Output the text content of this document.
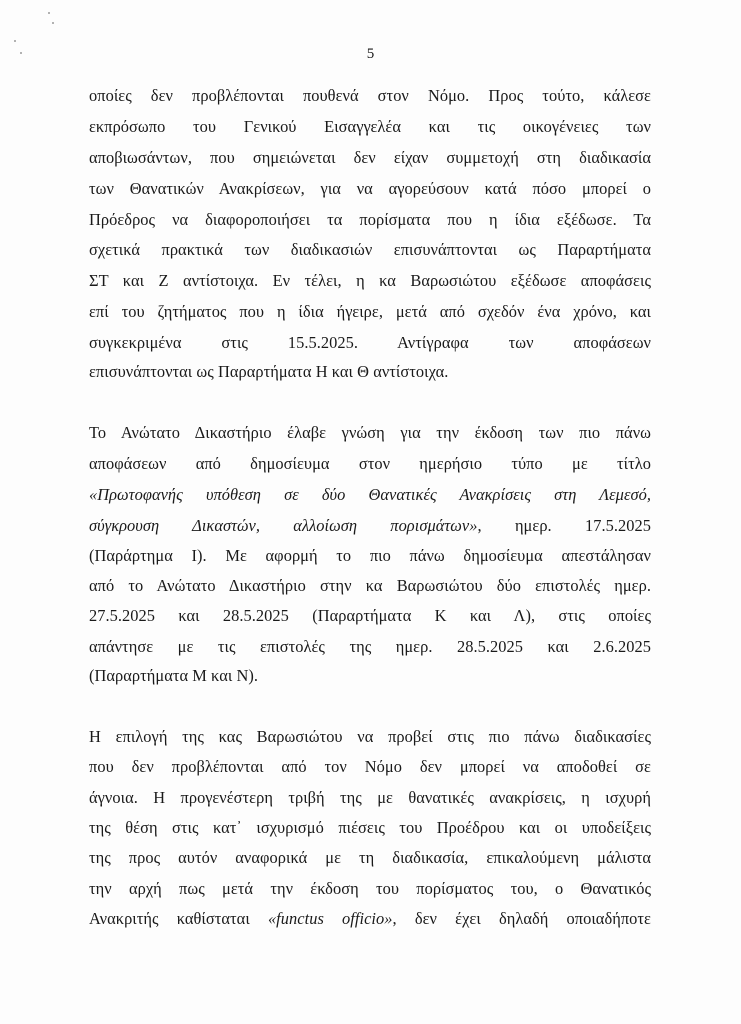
5
οποίες δεν προβλέπονται πουθενά στον Νόμο. Προς τούτο, κάλεσε
εκπρόσωπο του Γενικού Εισαγγελέα και τις οικογένειες των
αποβιωσάντων, που σημειώνεται δεν είχαν συμμετοχή στη διαδικασία
των Θανατικών Ανακρίσεων, για να αγορεύσουν κατά πόσο μπορεί ο
Πρόεδρος να διαφοροποιήσει τα πορίσματα που η ίδια εξέδωσε. Τα
σχετικά πρακτικά των διαδικασιών επισυνάπτονται ως Παραρτήματα
ΣΤ και Ζ αντίστοιχα. Εν τέλει, η κα Βαρωσιώτου εξέδωσε αποφάσεις
επί του ζητήματος που η ίδια ήγειρε, μετά από σχεδόν ένα χρόνο, και
συγκεκριμένα στις 15.5.2025. Αντίγραφα των αποφάσεων
επισυνάπτονται ως Παραρτήματα Η και Θ αντίστοιχα.
Το Ανώτατο Δικαστήριο έλαβε γνώση για την έκδοση των πιο πάνω
αποφάσεων από δημοσίευμα στον ημερήσιο τύπο με τίτλο
«Πρωτοφανής υπόθεση σε δύο Θανατικές Ανακρίσεις στη Λεμεσό,
σύγκρουση Δικαστών, αλλοίωση πορισμάτων», ημερ. 17.5.2025
(Παράρτημα Ι). Με αφορμή το πιο πάνω δημοσίευμα απεστάλησαν
από το Ανώτατο Δικαστήριο στην κα Βαρωσιώτου δύο επιστολές ημερ.
27.5.2025 και 28.5.2025 (Παραρτήματα Κ και Λ), στις οποίες
απάντησε με τις επιστολές της ημερ. 28.5.2025 και 2.6.2025
(Παραρτήματα Μ και Ν).
Η επιλογή της κας Βαρωσιώτου να προβεί στις πιο πάνω διαδικασίες
που δεν προβλέπονται από τον Νόμο δεν μπορεί να αποδοθεί σε
άγνοια. Η προγενέστερη τριβή της με θανατικές ανακρίσεις, η ισχυρή
της θέση στις κατ᾽ ισχυρισμό πιέσεις του Προέδρου και οι υποδείξεις
της προς αυτόν αναφορικά με τη διαδικασία, επικαλούμενη μάλιστα
την αρχή πως μετά την έκδοση του πορίσματος του, ο Θανατικός
Ανακριτής καθίσταται «functus officio», δεν έχει δηλαδή οποιαδήποτε
